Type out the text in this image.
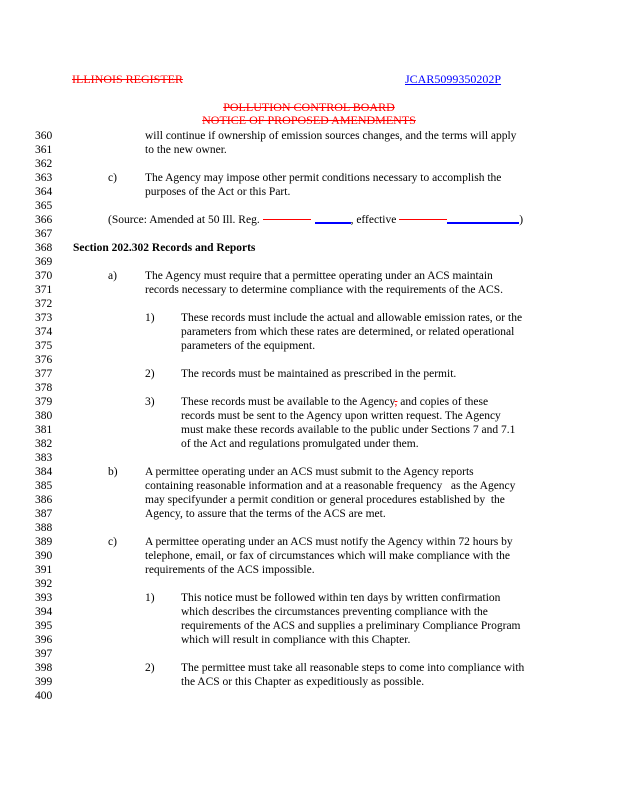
ILLINOIS REGISTER	JCAR5099350202P
POLLUTION CONTROL BOARD
NOTICE OF PROPOSED AMENDMENTS
360	will continue if ownership of emission sources changes, and the terms will apply
361	to the new owner.
362
363	c) The Agency may impose other permit conditions necessary to accomplish the
364	purposes of the Act or this Part.
365
366	(Source: Amended at 50 Ill. Reg.	, effective	)
367
368	Section 202.302 Records and Reports
369
370	a) The Agency must require that a permittee operating under an ACS maintain
371	records necessary to determine compliance with the requirements of the ACS.
372
373	1) These records must include the actual and allowable emission rates, or the
374	parameters from which these rates are determined, or related operational
375	parameters of the equipment.
376
377	2) The records must be maintained as prescribed in the permit.
378
379	3) These records must be available to the Agency, and copies of these
380	records must be sent to the Agency upon written request. The Agency
381	must make these records available to the public under Sections 7 and 7.1
382	of the Act and regulations promulgated under them.
383
384	b) A permittee operating under an ACS must submit to the Agency reports
385	containing reasonable information and at a reasonable frequency   as the Agency
386	may specifyunder a permit condition or general procedures established by  the
387	Agency, to assure that the terms of the ACS are met.
388
389	c) A permittee operating under an ACS must notify the Agency within 72 hours by
390	telephone, email, or fax of circumstances which will make compliance with the
391	requirements of the ACS impossible.
392
393	1) This notice must be followed within ten days by written confirmation
394	which describes the circumstances preventing compliance with the
395	requirements of the ACS and supplies a preliminary Compliance Program
396	which will result in compliance with this Chapter.
397
398	2) The permittee must take all reasonable steps to come into compliance with
399	the ACS or this Chapter as expeditiously as possible.
400
